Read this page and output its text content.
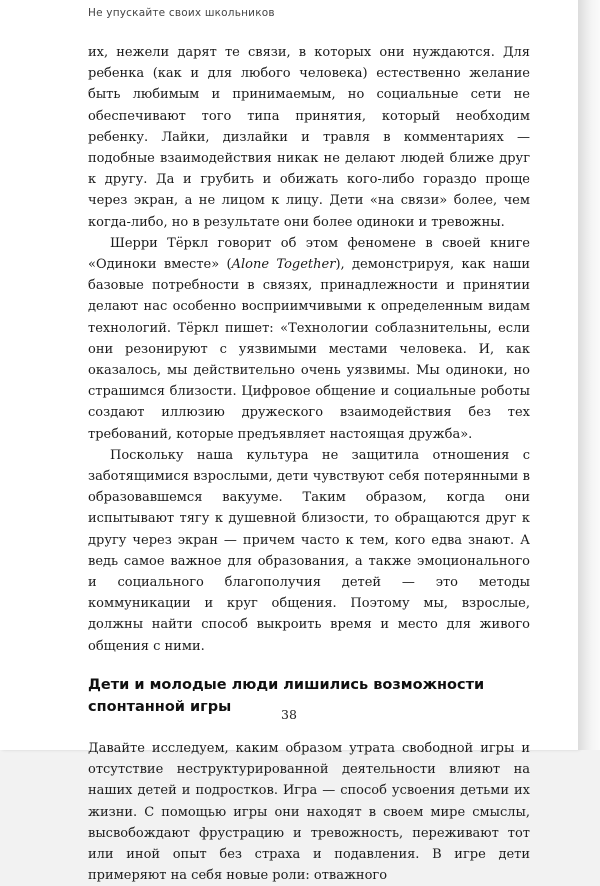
Не упускайте своих школьников

их, нежели дарят те связи, в которых они нуждаются. Для ребенка (как и для любого человека) естественно желание быть любимым и принимаемым, но социальные сети не обеспечивают того типа принятия, который необходим ребенку. Лайки, дизлайки и травля в комментариях — подобные взаимодействия никак не делают людей ближе друг к другу. Да и грубить и обижать кого-либо гораздо проще через экран, а не лицом к лицу. Дети «на связи» более, чем когда-либо, но в результате они более одиноки и тревожны.

Шерри Тёркл говорит об этом феномене в своей книге «Одиноки вместе» (Alone Together), демонстрируя, как наши базовые потребности в связях, принадлежности и принятии делают нас особенно восприимчивыми к определенным видам технологий. Тёркл пишет: «Технологии соблазнительны, если они резонируют с уязвимыми местами человека. И, как оказалось, мы действительно очень уязвимы. Мы одиноки, но страшимся близости. Цифровое общение и социальные роботы создают иллюзию дружеского взаимодействия без тех требований, которые предъявляет настоящая дружба».

Поскольку наша культура не защитила отношения с заботящимися взрослыми, дети чувствуют себя потерянными в образовавшемся вакууме. Таким образом, когда они испытывают тягу к душевной близости, то обращаются друг к другу через экран — причем часто к тем, кого едва знают. А ведь самое важное для образования, а также эмоционального и социального благополучия детей — это методы коммуникации и круг общения. Поэтому мы, взрослые, должны найти способ выкроить время и место для живого общения с ними.

Дети и молодые люди лишились возможности спонтанной игры

Давайте исследуем, каким образом утрата свободной игры и отсутствие неструктурированной деятельности влияют на наших детей и подростков. Игра — способ усвоения детьми их жизни. С помощью игры они находят в своем мире смыслы, высвобождают фрустрацию и тревожность, переживают тот или иной опыт без страха и подавления. В игре дети примеряют на себя новые роли: отважного

38
